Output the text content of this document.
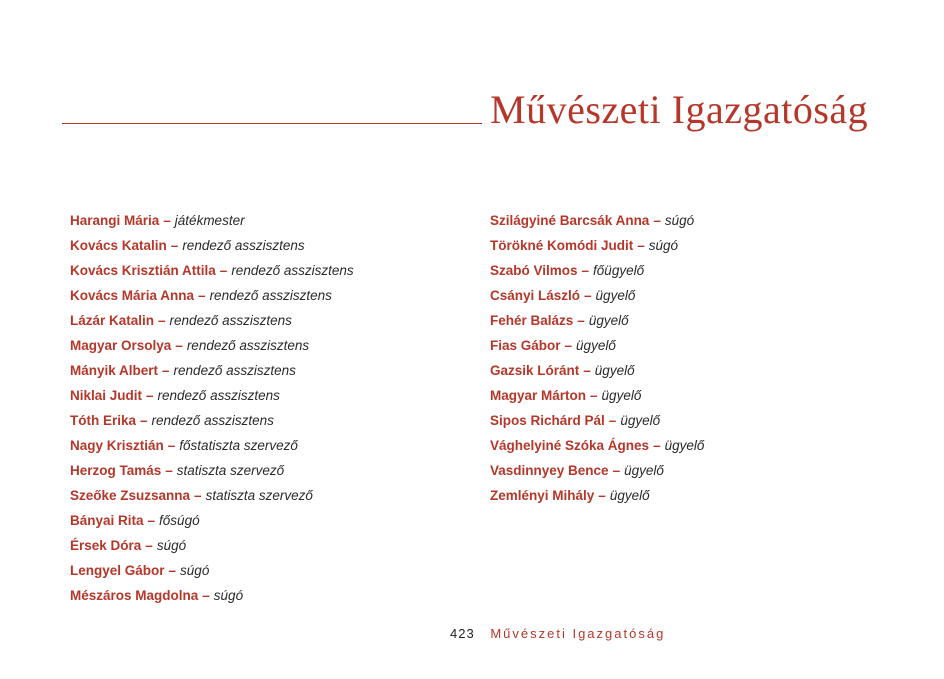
Művészeti Igazgatóság
Harangi Mária – játékmester
Kovács Katalin – rendező asszisztens
Kovács Krisztián Attila – rendező asszisztens
Kovács Mária Anna – rendező asszisztens
Lázár Katalin – rendező asszisztens
Magyar Orsolya – rendező asszisztens
Mányik Albert – rendező asszisztens
Niklai Judit – rendező asszisztens
Tóth Erika – rendező asszisztens
Nagy Krisztián – főstatiszta szervező
Herzog Tamás – statiszta szervező
Szeőke Zsuzsanna – statiszta szervező
Bányai Rita – fősúgó
Érsek Dóra – súgó
Lengyel Gábor – súgó
Mészáros Magdolna – súgó
Szilágyiné Barcsák Anna – súgó
Törökné Komódi Judit – súgó
Szabó Vilmos – főügyelő
Csányi László – ügyelő
Fehér Balázs – ügyelő
Fias Gábor – ügyelő
Gazsik Lóránt – ügyelő
Magyar Márton – ügyelő
Sipos Richárd Pál – ügyelő
Vághelyiné Szóka Ágnes – ügyelő
Vasdinnyey Bence – ügyelő
Zemlényi Mihály – ügyelő
423 Művészeti Igazgatóság
